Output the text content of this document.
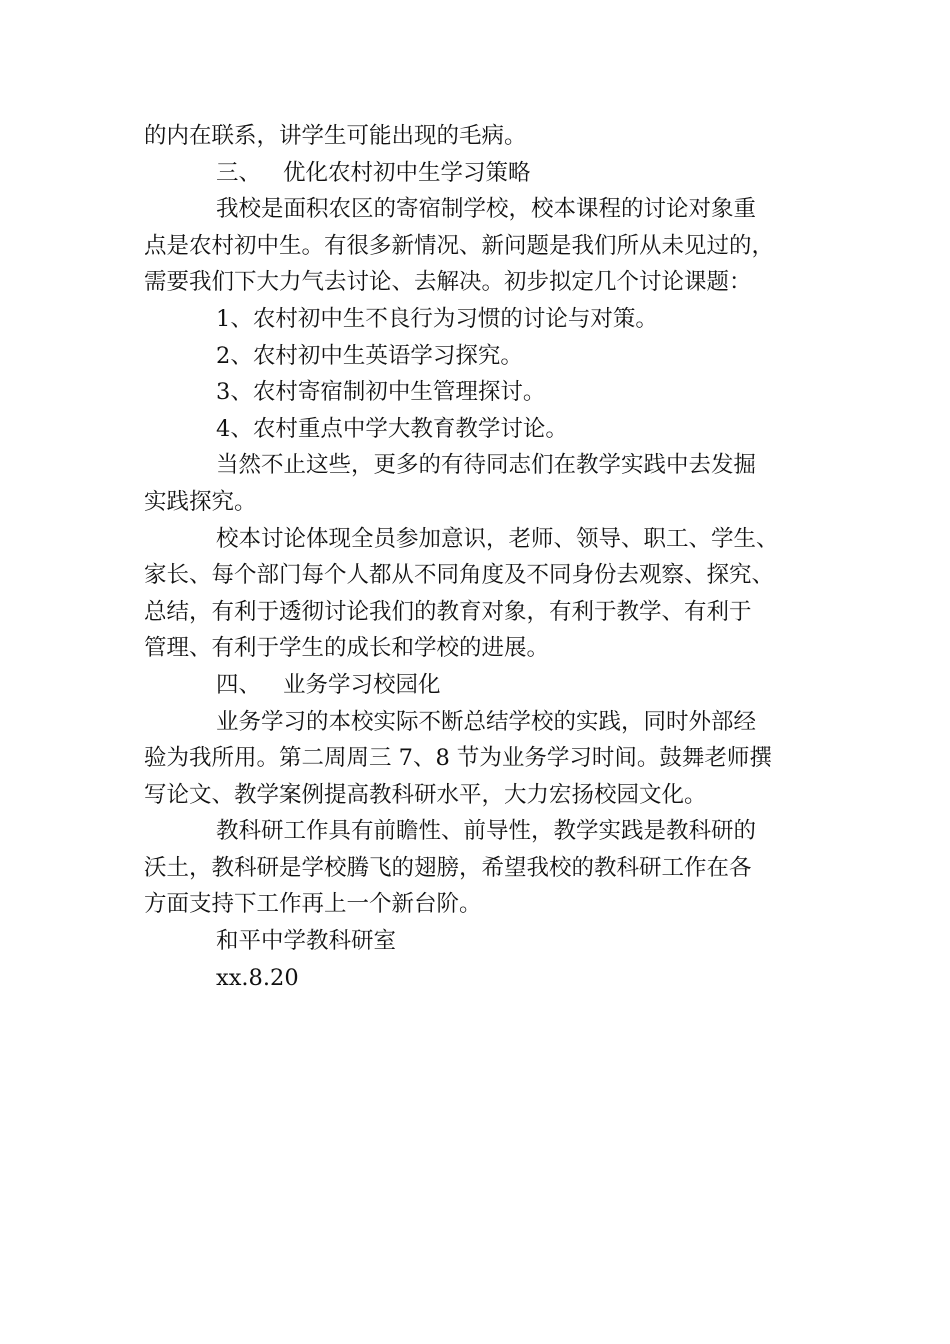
的内在联系，讲学生可能出现的毛病。
三、 优化农村初中生学习策略
我校是面积农区的寄宿制学校，校本课程的讨论对象重
点是农村初中生。有很多新情况、新问题是我们所从未见过的，
需要我们下大力气去讨论、去解决。初步拟定几个讨论课题：
1、农村初中生不良行为习惯的讨论与对策。
2、农村初中生英语学习探究。
3、农村寄宿制初中生管理探讨。
4、农村重点中学大教育教学讨论。
当然不止这些，更多的有待同志们在教学实践中去发掘
实践探究。
校本讨论体现全员参加意识，老师、领导、职工、学生、
家长、每个部门每个人都从不同角度及不同身份去观察、探究、
总结，有利于透彻讨论我们的教育对象，有利于教学、有利于
管理、有利于学生的成长和学校的进展。
四、 业务学习校园化
业务学习的本校实际不断总结学校的实践，同时外部经
验为我所用。第二周周三 7、8 节为业务学习时间。鼓舞老师撰
写论文、教学案例提高教科研水平，大力宏扬校园文化。
教科研工作具有前瞻性、前导性，教学实践是教科研的
沃土，教科研是学校腾飞的翅膀，希望我校的教科研工作在各
方面支持下工作再上一个新台阶。
和平中学教科研室
xx.8.20
